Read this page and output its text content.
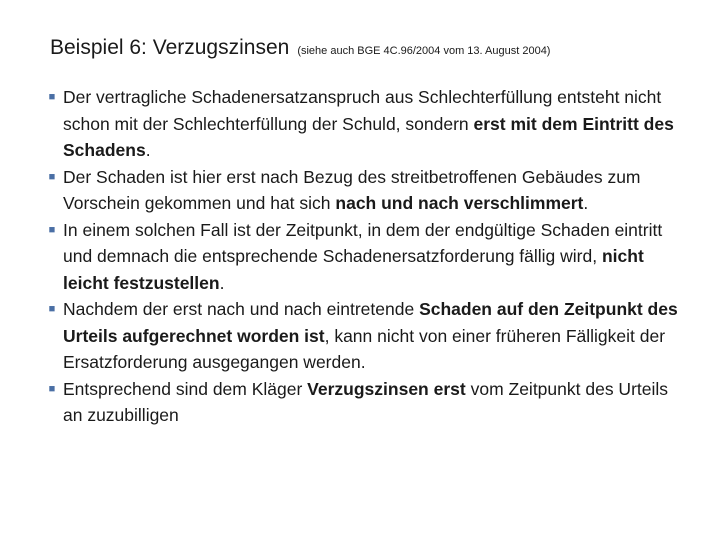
Beispiel 6: Verzugszinsen (siehe auch BGE 4C.96/2004 vom 13. August 2004)
■ Der vertragliche Schadenersatzanspruch aus Schlechterfüllung entsteht nicht schon mit der Schlechterfüllung der Schuld, sondern erst mit dem Eintritt des Schadens.
■ Der Schaden ist hier erst nach Bezug des streitbetroffenen Gebäudes zum Vorschein gekommen und hat sich nach und nach verschlimmert.
■ In einem solchen Fall ist der Zeitpunkt, in dem der endgültige Schaden eintritt und demnach die entsprechende Schadenersatzforderung fällig wird, nicht leicht festzustellen.
■ Nachdem der erst nach und nach eintretende Schaden auf den Zeitpunkt des Urteils aufgerechnet worden ist, kann nicht von einer früheren Fälligkeit der Ersatzforderung ausgegangen werden.
■ Entsprechend sind dem Kläger Verzugszinsen erst vom Zeitpunkt des Urteils an zuzubilligen
